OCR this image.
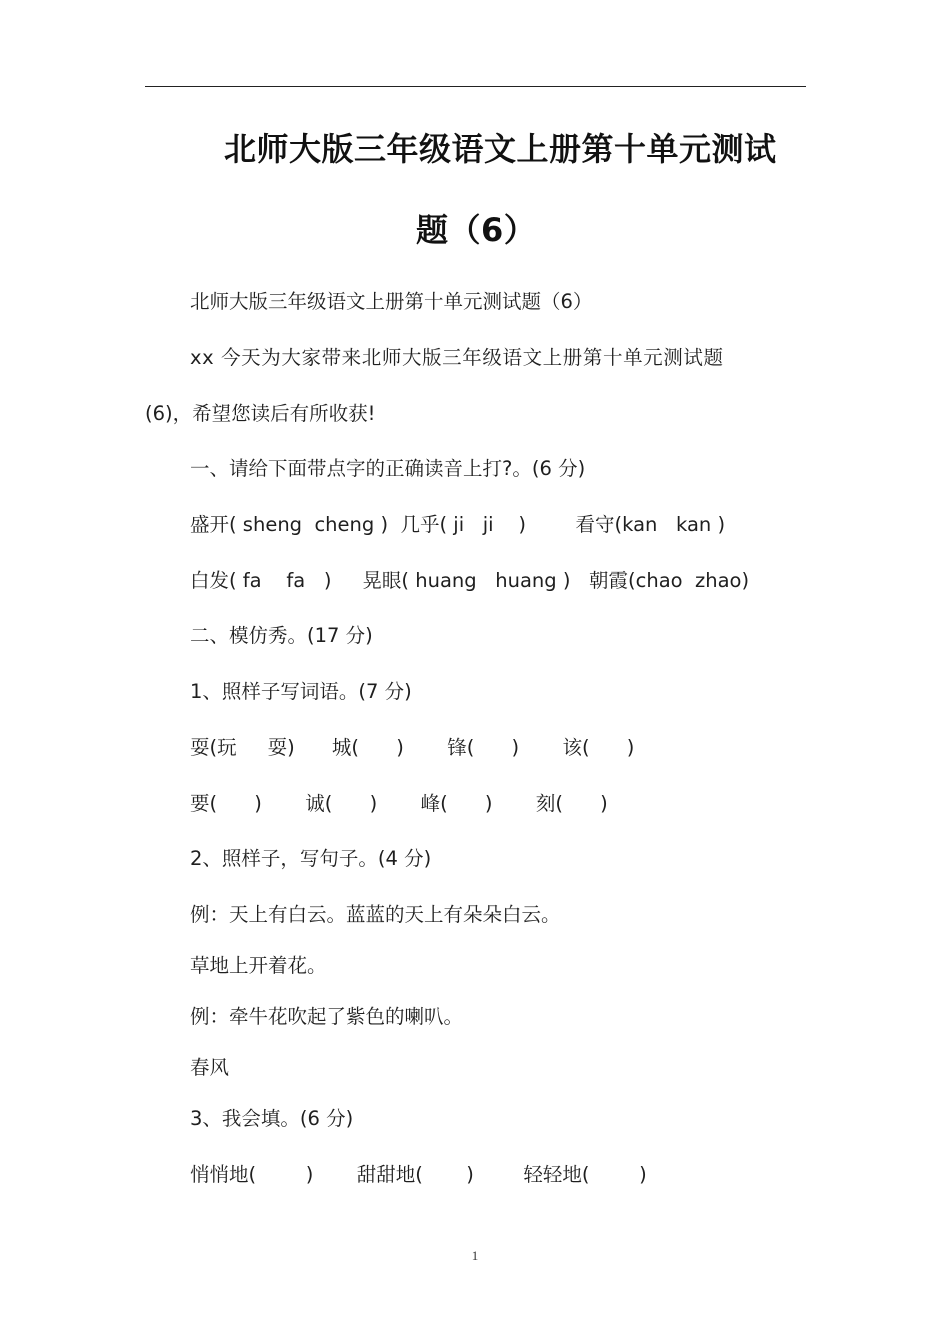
北师大版三年级语文上册第十单元测试
题（6）
北师大版三年级语文上册第十单元测试题（6）
xx 今天为大家带来北师大版三年级语文上册第十单元测试题
(6)，希望您读后有所收获!
一、请给下面带点字的正确读音上打?。(6 分)
盛开( sheng  cheng )  几乎( ji   ji    )        看守(kan   kan )
白发( fa    fa   )     晃眼( huang   huang )   朝霞(chao  zhao)
二、模仿秀。(17 分)
1、照样子写词语。(7 分)
耍(玩     耍)      城(      )       锋(      )       该(      )
要(      )       诚(      )       峰(      )       刻(      )
2、照样子，写句子。(4 分)
例：天上有白云。蓝蓝的天上有朵朵白云。
草地上开着花。
例：牵牛花吹起了紫色的喇叭。
春风
3、我会填。(6 分)
悄悄地(        )       甜甜地(       )        轻轻地(        )
1
